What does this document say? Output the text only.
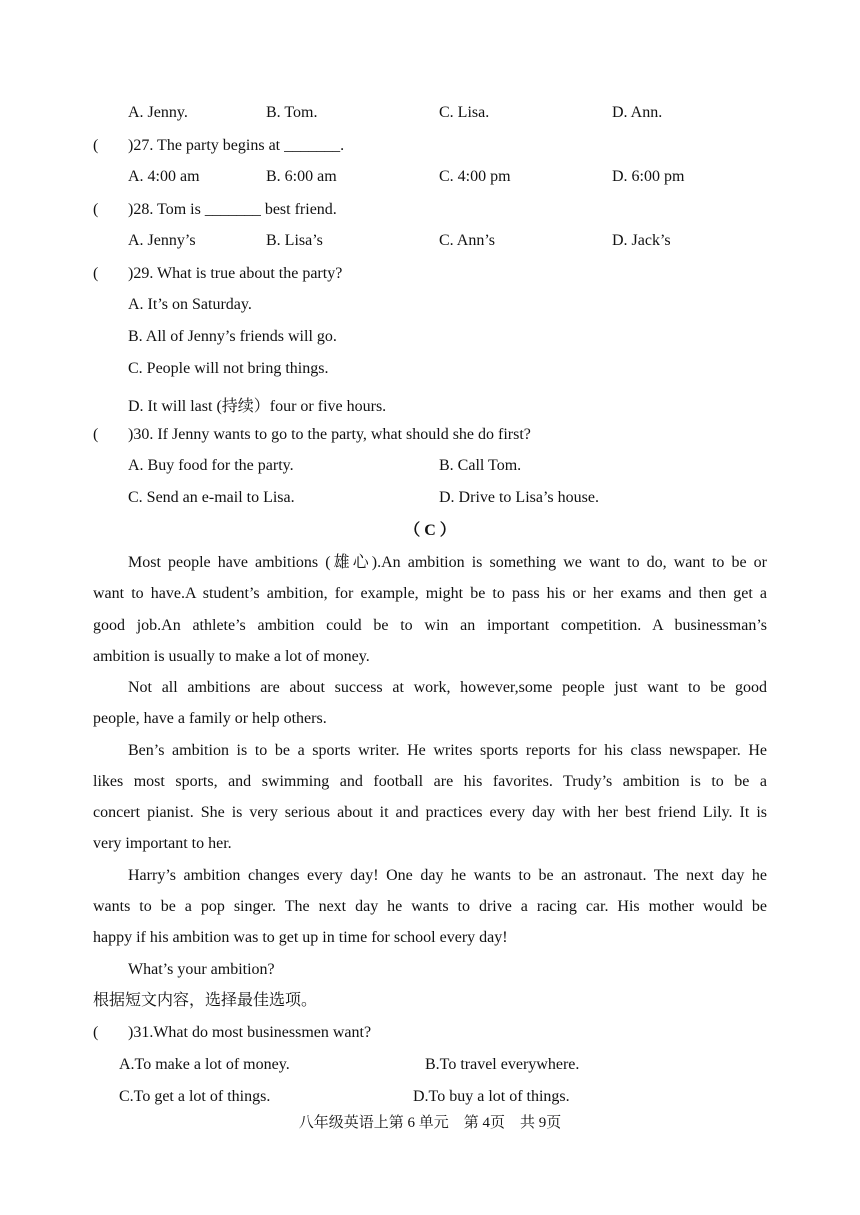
A. Jenny.	B. Tom.	C. Lisa.	D. Ann.
( )27. The party begins at _______.
A. 4:00 am	B. 6:00 am	C. 4:00 pm	D. 6:00 pm
( )28. Tom is _______ best friend.
A. Jenny’s	B. Lisa’s	C. Ann’s	D. Jack’s
( )29. What is true about the party?
A. It’s on Saturday.
B. All of Jenny’s friends will go.
C. People will not bring things.
D. It will last (持续）four or five hours.
( )30. If Jenny wants to go to the party, what should she do first?
A. Buy food for the party.	B. Call Tom.
C. Send an e-mail to Lisa.	D. Drive to Lisa’s house.
（ C ）
Most people have ambitions (雄心).An ambition is something we want to do, want to be or
want to have.A student’s ambition, for example, might be to pass his or her exams and then get a
good job.An athlete’s ambition could be to win an important competition. A businessman’s
ambition is usually to make a lot of money.
Not all ambitions are about success at work, however,some people just want to be good
people, have a family or help others.
Ben’s ambition is to be a sports writer. He writes sports reports for his class newspaper. He
likes most sports, and swimming and football are his favorites. Trudy’s ambition is to be a
concert pianist. She is very serious about it and practices every day with her best friend Lily. It is
very important to her.
Harry’s ambition changes every day! One day he wants to be an astronaut. The next day he
wants to be a pop singer. The next day he wants to drive a racing car. His mother would be
happy if his ambition was to get up in time for school every day!
What’s your ambition?
根据短文内容，选择最佳选项。
( )31.What do most businessmen want?
A.To make a lot of money.	B.To travel everywhere.
C.To get a lot of things.	D.To buy a lot of things.
八年级英语上第 6 单元　第 4页　共 9页
